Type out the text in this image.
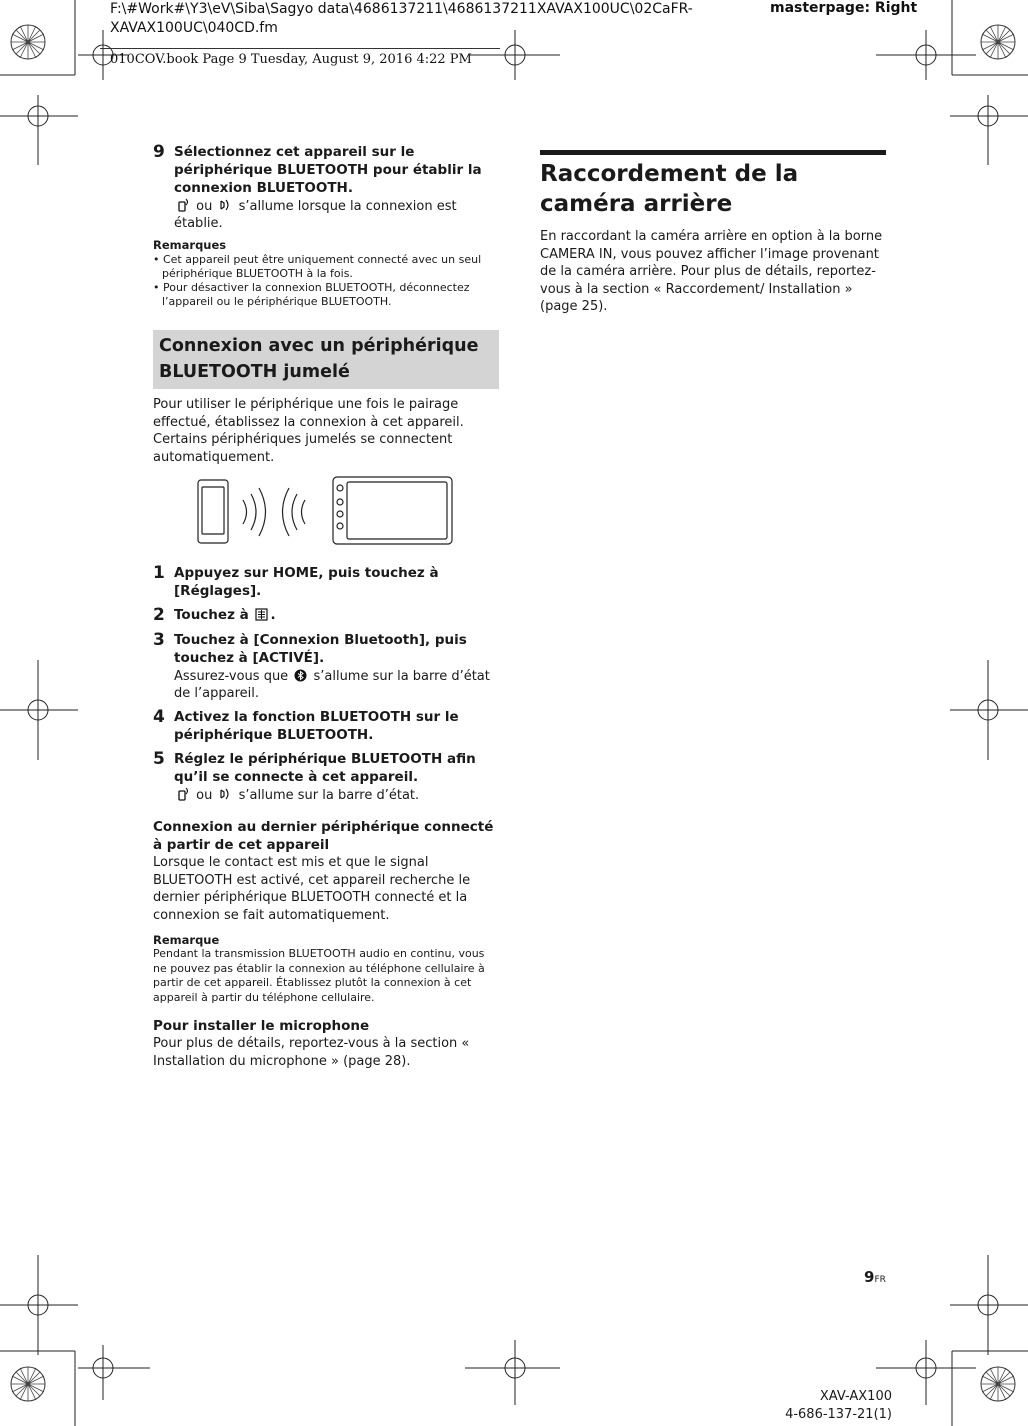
F:\#Work#\Y3\eV\Siba\Sagyo data\4686137211\4686137211XAVAX100UC\02CaFR-XAVAX100UC\040CD.fm
masterpage: Right
010COV.book Page 9 Tuesday, August 9, 2016 4:22 PM
9 Sélectionnez cet appareil sur le périphérique BLUETOOTH pour établir la connexion BLUETOOTH.
ou s’allume lorsque la connexion est établie.
Remarques
• Cet appareil peut être uniquement connecté avec un seul périphérique BLUETOOTH à la fois.
• Pour désactiver la connexion BLUETOOTH, déconnectez l’appareil ou le périphérique BLUETOOTH.
Connexion avec un périphérique BLUETOOTH jumelé
Pour utiliser le périphérique une fois le pairage effectué, établissez la connexion à cet appareil. Certains périphériques jumelés se connectent automatiquement.
1 Appuyez sur HOME, puis touchez à [Réglages].
2 Touchez à .
3 Touchez à [Connexion Bluetooth], puis touchez à [ACTIVÉ].
Assurez-vous que s’allume sur la barre d’état de l’appareil.
4 Activez la fonction BLUETOOTH sur le périphérique BLUETOOTH.
5 Réglez le périphérique BLUETOOTH afin qu’il se connecte à cet appareil.
ou s’allume sur la barre d’état.
Connexion au dernier périphérique connecté à partir de cet appareil
Lorsque le contact est mis et que le signal BLUETOOTH est activé, cet appareil recherche le dernier périphérique BLUETOOTH connecté et la connexion se fait automatiquement.
Remarque
Pendant la transmission BLUETOOTH audio en continu, vous ne pouvez pas établir la connexion au téléphone cellulaire à partir de cet appareil. Établissez plutôt la connexion à cet appareil à partir du téléphone cellulaire.
Pour installer le microphone
Pour plus de détails, reportez-vous à la section « Installation du microphone » (page 28).
Raccordement de la caméra arrière
En raccordant la caméra arrière en option à la borne CAMERA IN, vous pouvez afficher l’image provenant de la caméra arrière. Pour plus de détails, reportez-vous à la section « Raccordement/ Installation » (page 25).
9FR
XAV-AX100
4-686-137-21(1)
